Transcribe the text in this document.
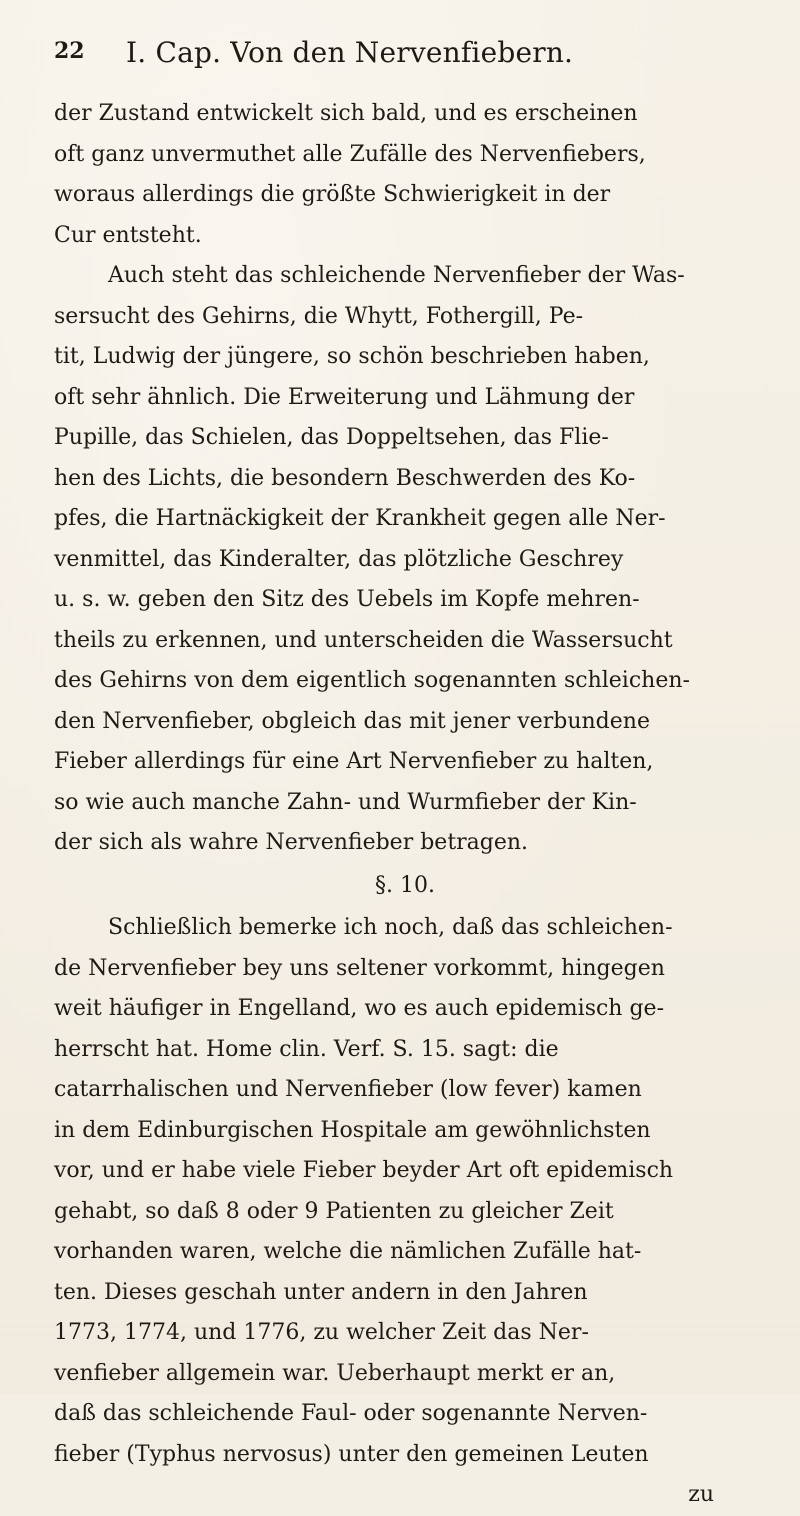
22 I. Cap. Von den Nervenfiebern.
der Zustand entwickelt sich bald, und es erscheinen
oft ganz unvermuthet alle Zufälle des Nervenfiebers,
woraus allerdings die größte Schwierigkeit in der
Cur entsteht.
Auch steht das schleichende Nervenfieber der Was-
sersucht des Gehirns, die Whytt, Fothergill, Pe-
tit, Ludwig der jüngere, so schön beschrieben haben,
oft sehr ähnlich. Die Erweiterung und Lähmung der
Pupille, das Schielen, das Doppeltsehen, das Flie-
hen des Lichts, die besondern Beschwerden des Ko-
pfes, die Hartnäckigkeit der Krankheit gegen alle Ner-
venmittel, das Kinderalter, das plötzliche Geschrey
u. s. w. geben den Sitz des Uebels im Kopfe mehren-
theils zu erkennen, und unterscheiden die Wassersucht
des Gehirns von dem eigentlich sogenannten schleichen-
den Nervenfieber, obgleich das mit jener verbundene
Fieber allerdings für eine Art Nervenfieber zu halten,
so wie auch manche Zahn- und Wurmfieber der Kin-
der sich als wahre Nervenfieber betragen.
§. 10.
Schließlich bemerke ich noch, daß das schleichen-
de Nervenfieber bey uns seltener vorkommt, hingegen
weit häufiger in Engelland, wo es auch epidemisch ge-
herrscht hat. Home clin. Verf. S. 15. sagt: die
catarrhalischen und Nervenfieber (low fever) kamen
in dem Edinburgischen Hospitale am gewöhnlichsten
vor, und er habe viele Fieber beyder Art oft epidemisch
gehabt, so daß 8 oder 9 Patienten zu gleicher Zeit
vorhanden waren, welche die nämlichen Zufälle hat-
ten. Dieses geschah unter andern in den Jahren
1773, 1774, und 1776, zu welcher Zeit das Ner-
venfieber allgemein war. Ueberhaupt merkt er an,
daß das schleichende Faul- oder sogenannte Nerven-
fieber (Typhus nervosus) unter den gemeinen Leuten
zu
